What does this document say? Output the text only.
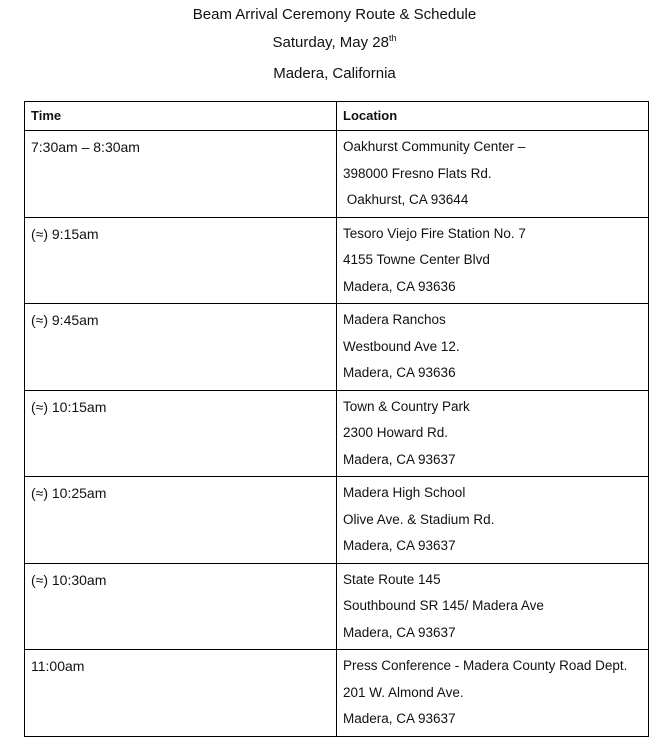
Beam Arrival Ceremony Route & Schedule
Saturday, May 28th
Madera, California
Time	Location
7:30am – 8:30am	Oakhurst Community Center –
398000 Fresno Flats Rd.
Oakhurst, CA 93644

(≈) 9:15am	Tesoro Viejo Fire Station No. 7
4155 Towne Center Blvd
Madera, CA 93636

(≈) 9:45am	Madera Ranchos
Westbound Ave 12.
Madera, CA 93636

(≈) 10:15am	Town & Country Park
2300 Howard Rd.
Madera, CA 93637

(≈) 10:25am	Madera High School
Olive Ave. & Stadium Rd.
Madera, CA 93637

(≈) 10:30am	State Route 145
Southbound SR 145/ Madera Ave
Madera, CA 93637

11:00am	Press Conference - Madera County Road Dept.
201 W. Almond Ave.
Madera, CA 93637
